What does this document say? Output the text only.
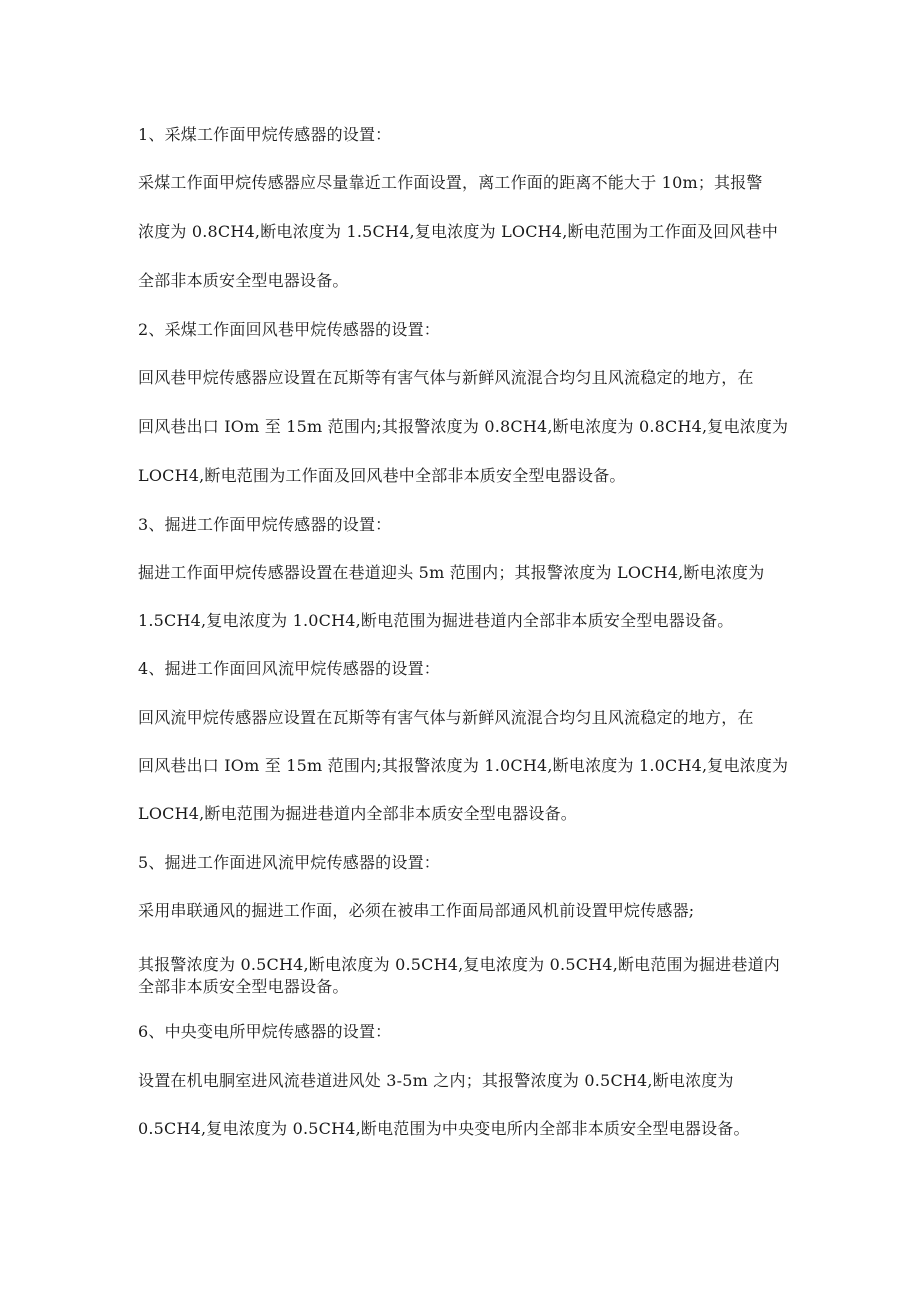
1、采煤工作面甲烷传感器的设置：
采煤工作面甲烷传感器应尽量靠近工作面设置，离工作面的距离不能大于 10m；其报警
浓度为 0.8CH4,断电浓度为 1.5CH4,复电浓度为 LOCH4,断电范围为工作面及回风巷中
全部非本质安全型电器设备。
2、采煤工作面回风巷甲烷传感器的设置：
回风巷甲烷传感器应设置在瓦斯等有害气体与新鲜风流混合均匀且风流稳定的地方，在
回风巷出口 IOm 至 15m 范围内;其报警浓度为 0.8CH4,断电浓度为 0.8CH4,复电浓度为
LOCH4,断电范围为工作面及回风巷中全部非本质安全型电器设备。
3、掘进工作面甲烷传感器的设置：
掘进工作面甲烷传感器设置在巷道迎头 5m 范围内；其报警浓度为 LOCH4,断电浓度为
1.5CH4,复电浓度为 1.0CH4,断电范围为掘进巷道内全部非本质安全型电器设备。
4、掘进工作面回风流甲烷传感器的设置：
回风流甲烷传感器应设置在瓦斯等有害气体与新鲜风流混合均匀且风流稳定的地方，在
回风巷出口 IOm 至 15m 范围内;其报警浓度为 1.0CH4,断电浓度为 1.0CH4,复电浓度为
LOCH4,断电范围为掘进巷道内全部非本质安全型电器设备。
5、掘进工作面进风流甲烷传感器的设置：
采用串联通风的掘进工作面，必须在被串工作面局部通风机前设置甲烷传感器;
其报警浓度为 0.5CH4,断电浓度为 0.5CH4,复电浓度为 0.5CH4,断电范围为掘进巷道内
全部非本质安全型电器设备。
6、中央变电所甲烷传感器的设置：
设置在机电胴室进风流巷道进风处 3-5m 之内；其报警浓度为 0.5CH4,断电浓度为
0.5CH4,复电浓度为 0.5CH4,断电范围为中央变电所内全部非本质安全型电器设备。
